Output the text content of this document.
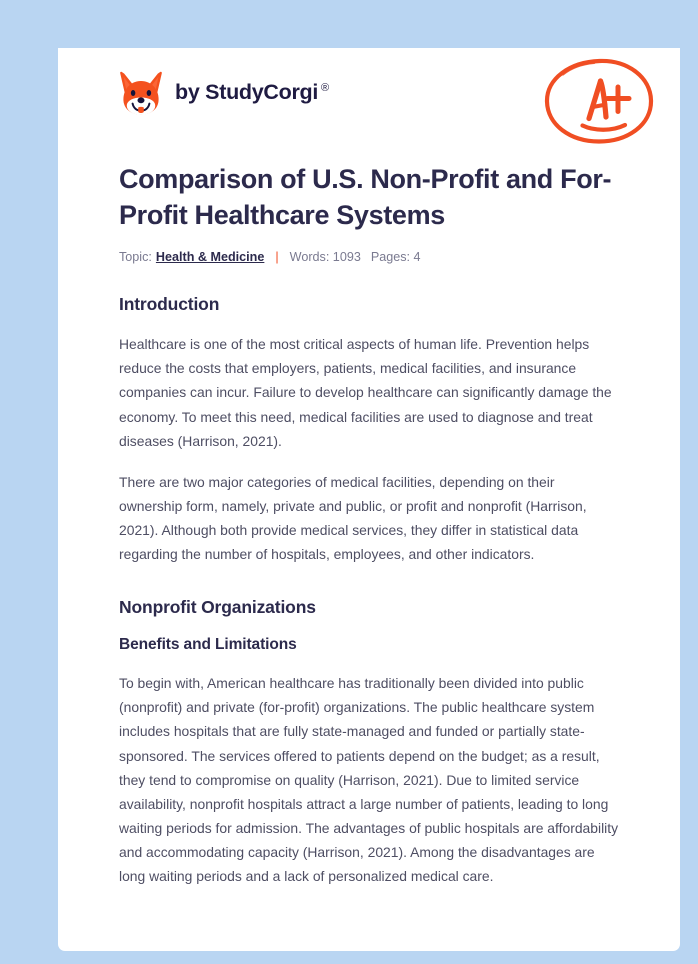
by StudyCorgi ®
Comparison of U.S. Non-Profit and For-Profit Healthcare Systems
Topic: Health & Medicine | Words: 1093 Pages: 4
Introduction

Healthcare is one of the most critical aspects of human life. Prevention helps reduce the costs that employers, patients, medical facilities, and insurance companies can incur. Failure to develop healthcare can significantly damage the economy. To meet this need, medical facilities are used to diagnose and treat diseases (Harrison, 2021).

There are two major categories of medical facilities, depending on their ownership form, namely, private and public, or profit and nonprofit (Harrison, 2021). Although both provide medical services, they differ in statistical data regarding the number of hospitals, employees, and other indicators.

Nonprofit Organizations
Benefits and Limitations

To begin with, American healthcare has traditionally been divided into public (nonprofit) and private (for-profit) organizations. The public healthcare system includes hospitals that are fully state-managed and funded or partially state-sponsored. The services offered to patients depend on the budget; as a result, they tend to compromise on quality (Harrison, 2021). Due to limited service availability, nonprofit hospitals attract a large number of patients, leading to long waiting periods for admission. The advantages of public hospitals are affordability and accommodating capacity (Harrison, 2021). Among the disadvantages are long waiting periods and a lack of personalized medical care.
